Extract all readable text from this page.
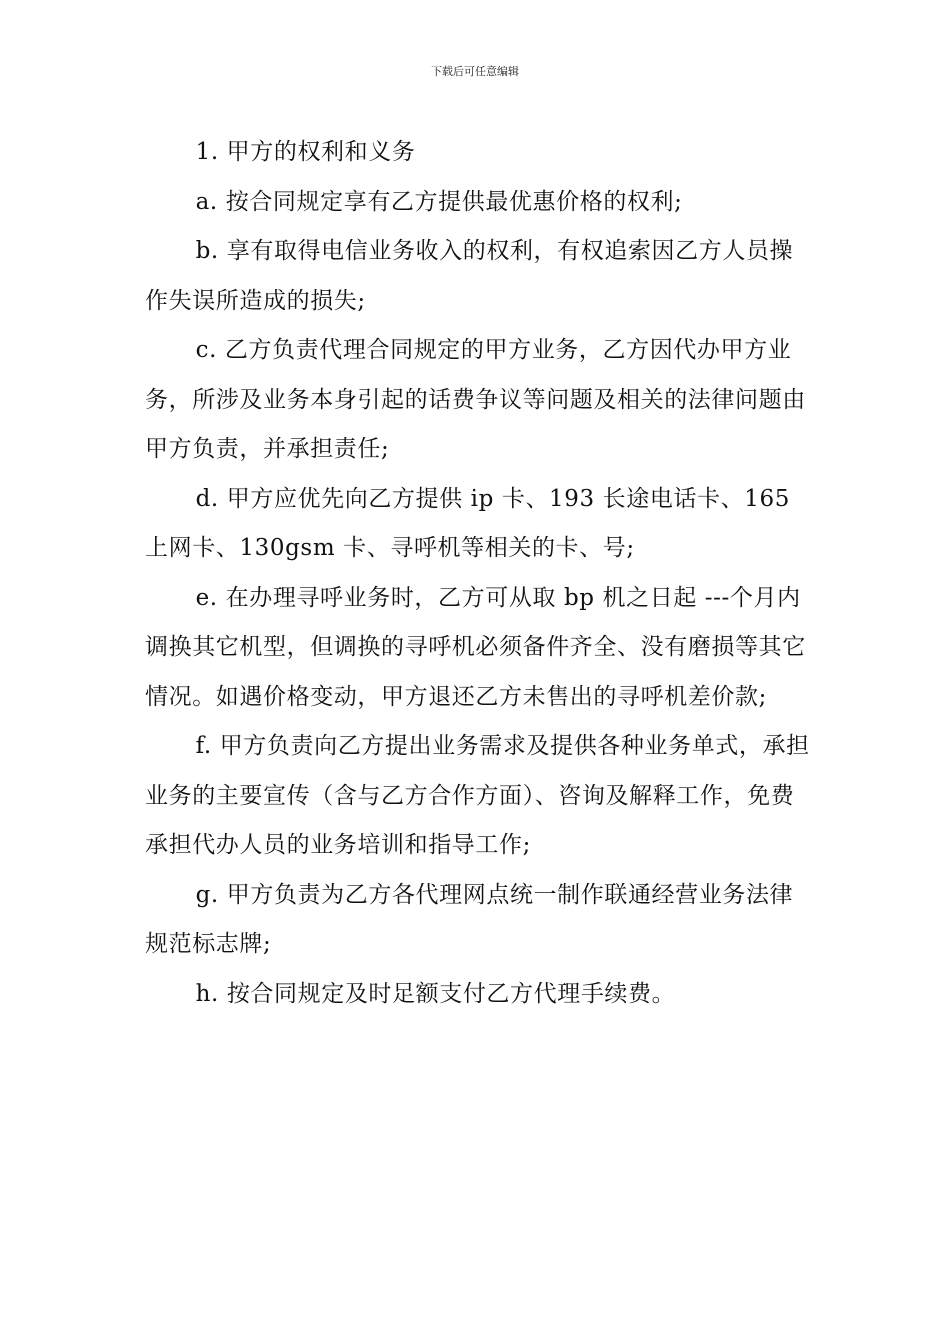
下载后可任意编辑

1. 甲方的权利和义务

a. 按合同规定享有乙方提供最优惠价格的权利;

b. 享有取得电信业务收入的权利，有权追索因乙方人员操作失误所造成的损失;

c. 乙方负责代理合同规定的甲方业务，乙方因代办甲方业务，所涉及业务本身引起的话费争议等问题及相关的法律问题由甲方负责，并承担责任;

d. 甲方应优先向乙方提供 ip 卡、193 长途电话卡、165 上网卡、130gsm 卡、寻呼机等相关的卡、号;

e. 在办理寻呼业务时，乙方可从取 bp 机之日起 ---个月内调换其它机型，但调换的寻呼机必须备件齐全、没有磨损等其它情况。如遇价格变动，甲方退还乙方未售出的寻呼机差价款;

f. 甲方负责向乙方提出业务需求及提供各种业务单式，承担业务的主要宣传（含与乙方合作方面）、咨询及解释工作，免费承担代办人员的业务培训和指导工作;

g. 甲方负责为乙方各代理网点统一制作联通经营业务法律规范标志牌;

h. 按合同规定及时足额支付乙方代理手续费。
